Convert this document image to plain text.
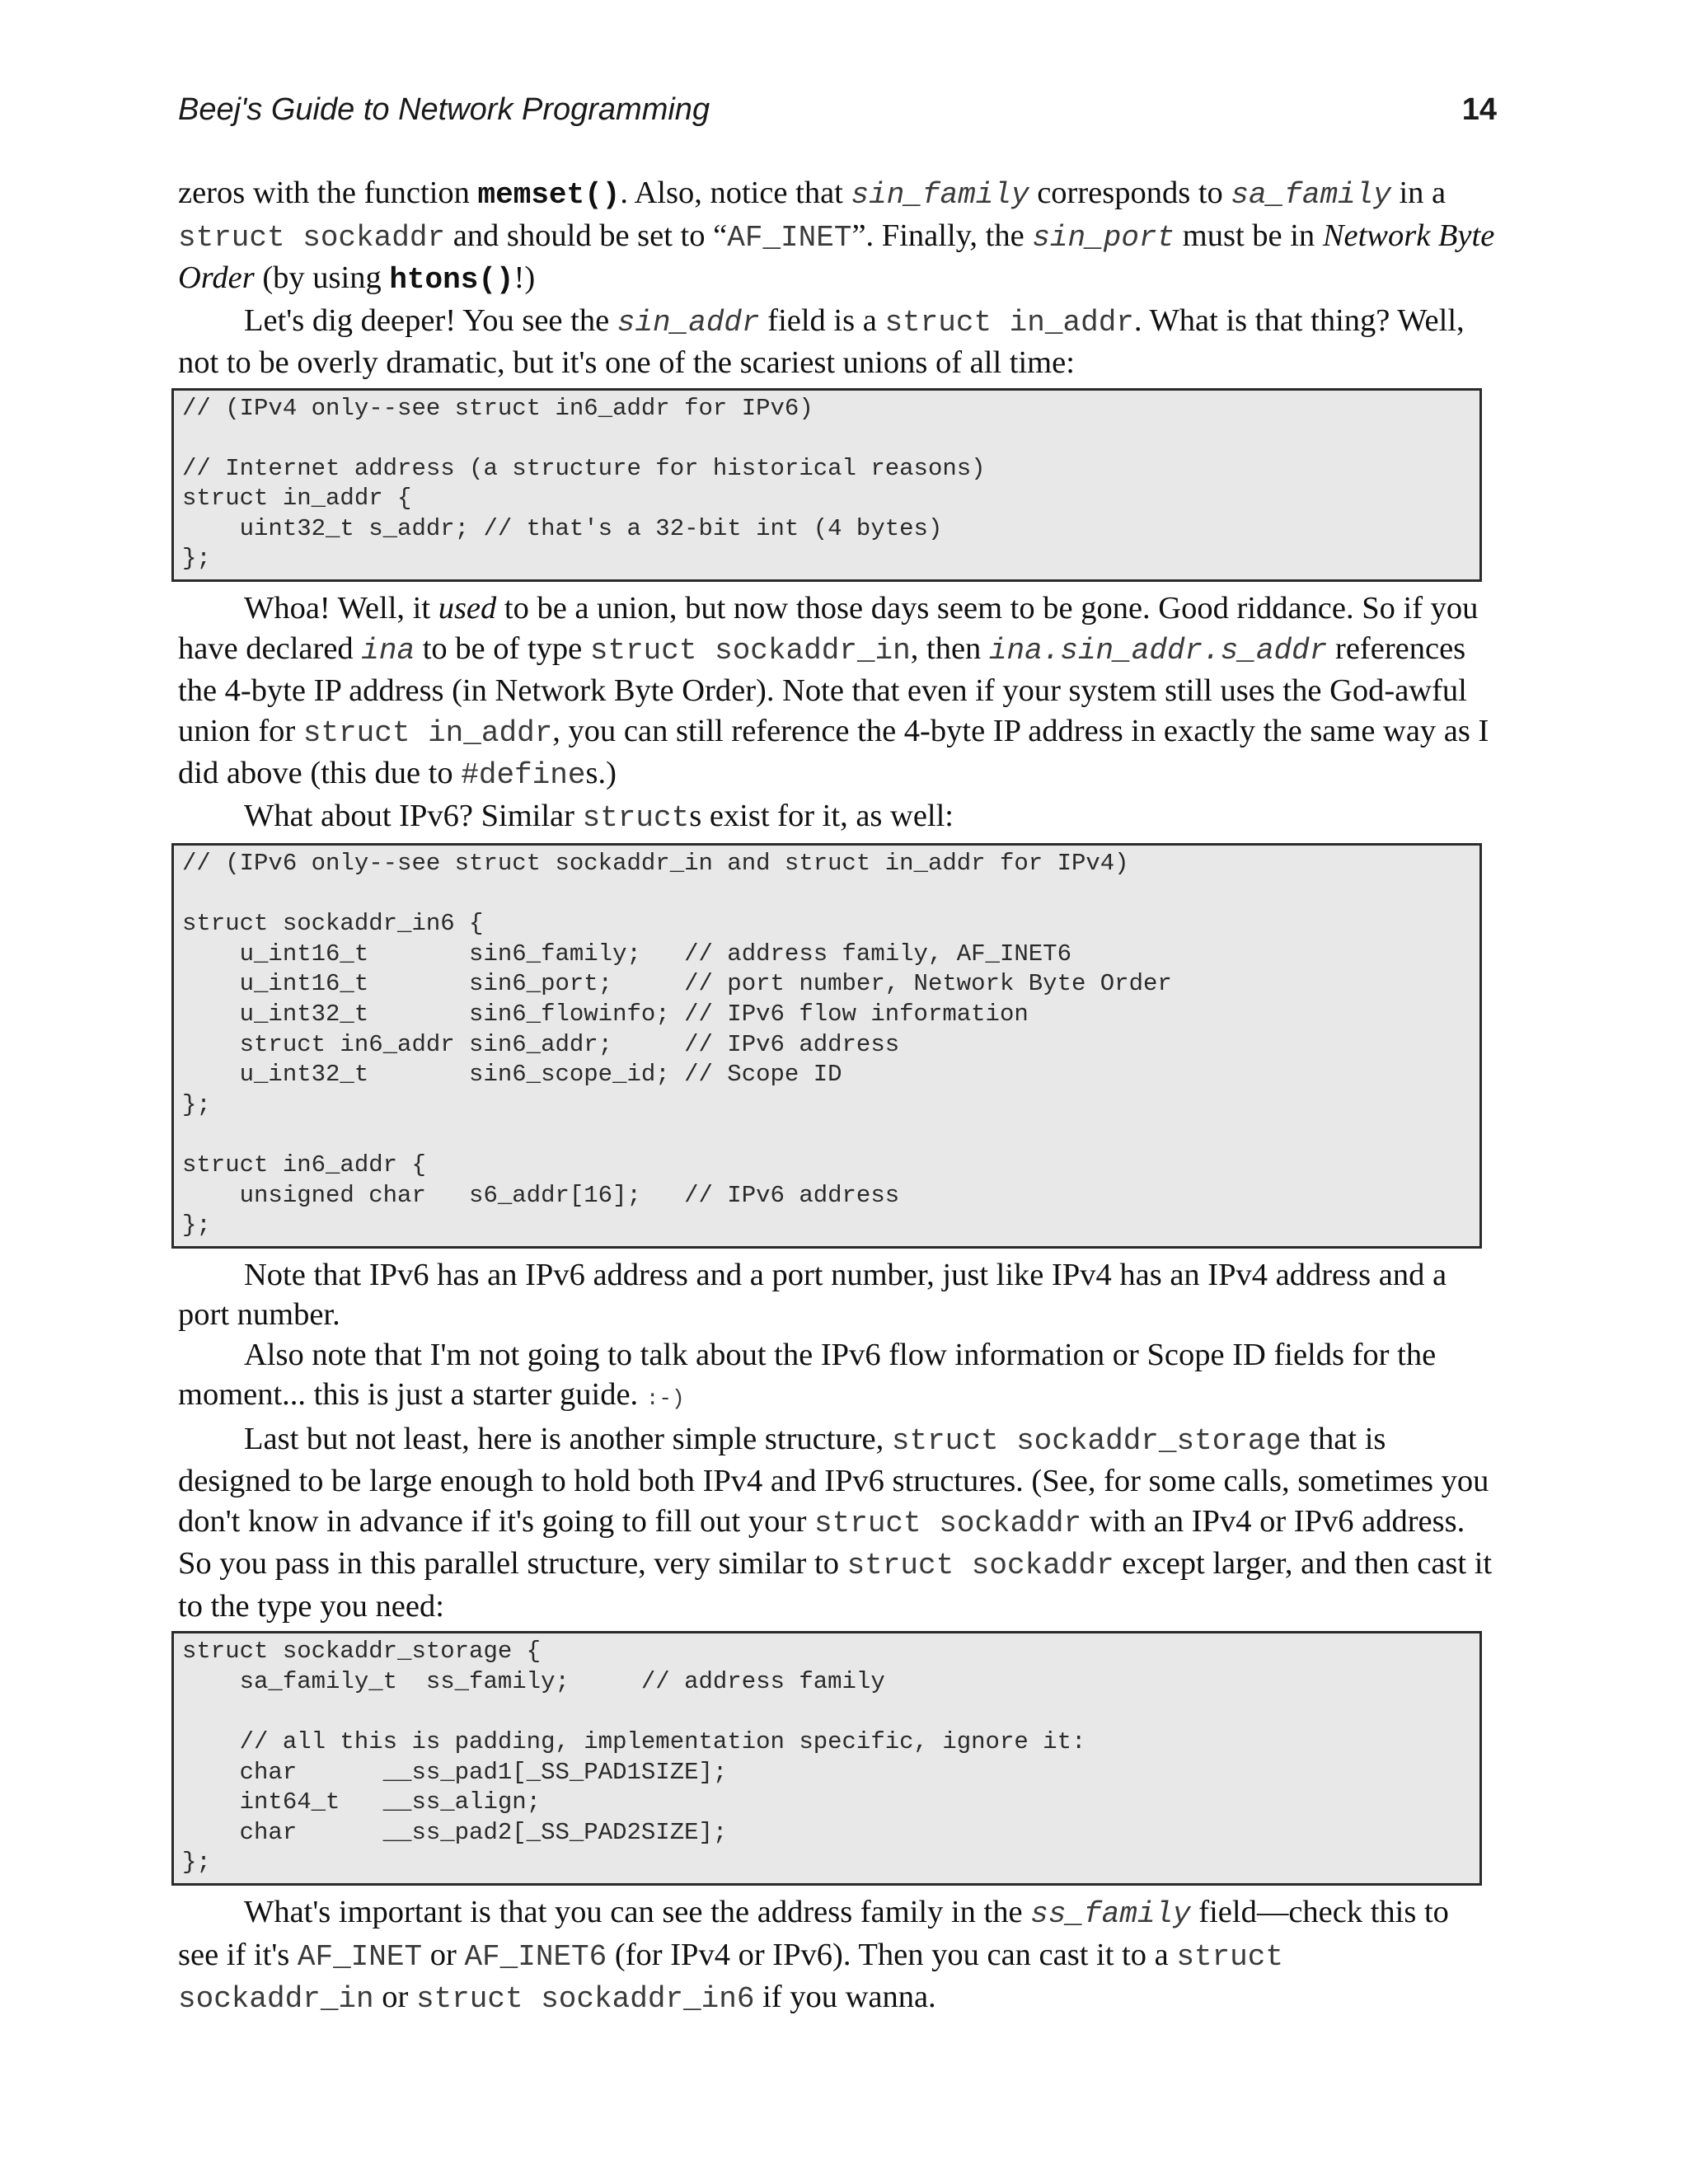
Beej's Guide to Network Programming	14

zeros with the function memset(). Also, notice that sin_family corresponds to sa_family in a struct sockaddr and should be set to “AF_INET”. Finally, the sin_port must be in Network Byte Order (by using htons()!)

Let's dig deeper! You see the sin_addr field is a struct in_addr. What is that thing? Well, not to be overly dramatic, but it's one of the scariest unions of all time:

// (IPv4 only--see struct in6_addr for IPv6)

// Internet address (a structure for historical reasons)
struct in_addr {
uint32_t s_addr; // that's a 32-bit int (4 bytes)
};

Whoa! Well, it used to be a union, but now those days seem to be gone. Good riddance. So if you have declared ina to be of type struct sockaddr_in, then ina.sin_addr.s_addr references the 4-byte IP address (in Network Byte Order). Note that even if your system still uses the God-awful union for struct in_addr, you can still reference the 4-byte IP address in exactly the same way as I did above (this due to #defines.)

What about IPv6? Similar structs exist for it, as well:

// (IPv6 only--see struct sockaddr_in and struct in_addr for IPv4)

struct sockaddr_in6 {
u_int16_t       sin6_family;   // address family, AF_INET6
u_int16_t       sin6_port;     // port number, Network Byte Order
u_int32_t       sin6_flowinfo; // IPv6 flow information
struct in6_addr sin6_addr;     // IPv6 address
u_int32_t       sin6_scope_id; // Scope ID
};

struct in6_addr {
unsigned char   s6_addr[16];   // IPv6 address
};

Note that IPv6 has an IPv6 address and a port number, just like IPv4 has an IPv4 address and a port number.

Also note that I'm not going to talk about the IPv6 flow information or Scope ID fields for the moment... this is just a starter guide. :-)

Last but not least, here is another simple structure, struct sockaddr_storage that is designed to be large enough to hold both IPv4 and IPv6 structures. (See, for some calls, sometimes you don't know in advance if it's going to fill out your struct sockaddr with an IPv4 or IPv6 address. So you pass in this parallel structure, very similar to struct sockaddr except larger, and then cast it to the type you need:

struct sockaddr_storage {
sa_family_t  ss_family;     // address family

// all this is padding, implementation specific, ignore it:
char      __ss_pad1[_SS_PAD1SIZE];
int64_t   __ss_align;
char      __ss_pad2[_SS_PAD2SIZE];
};

What's important is that you can see the address family in the ss_family field—check this to see if it's AF_INET or AF_INET6 (for IPv4 or IPv6). Then you can cast it to a struct sockaddr_in or struct sockaddr_in6 if you wanna.
